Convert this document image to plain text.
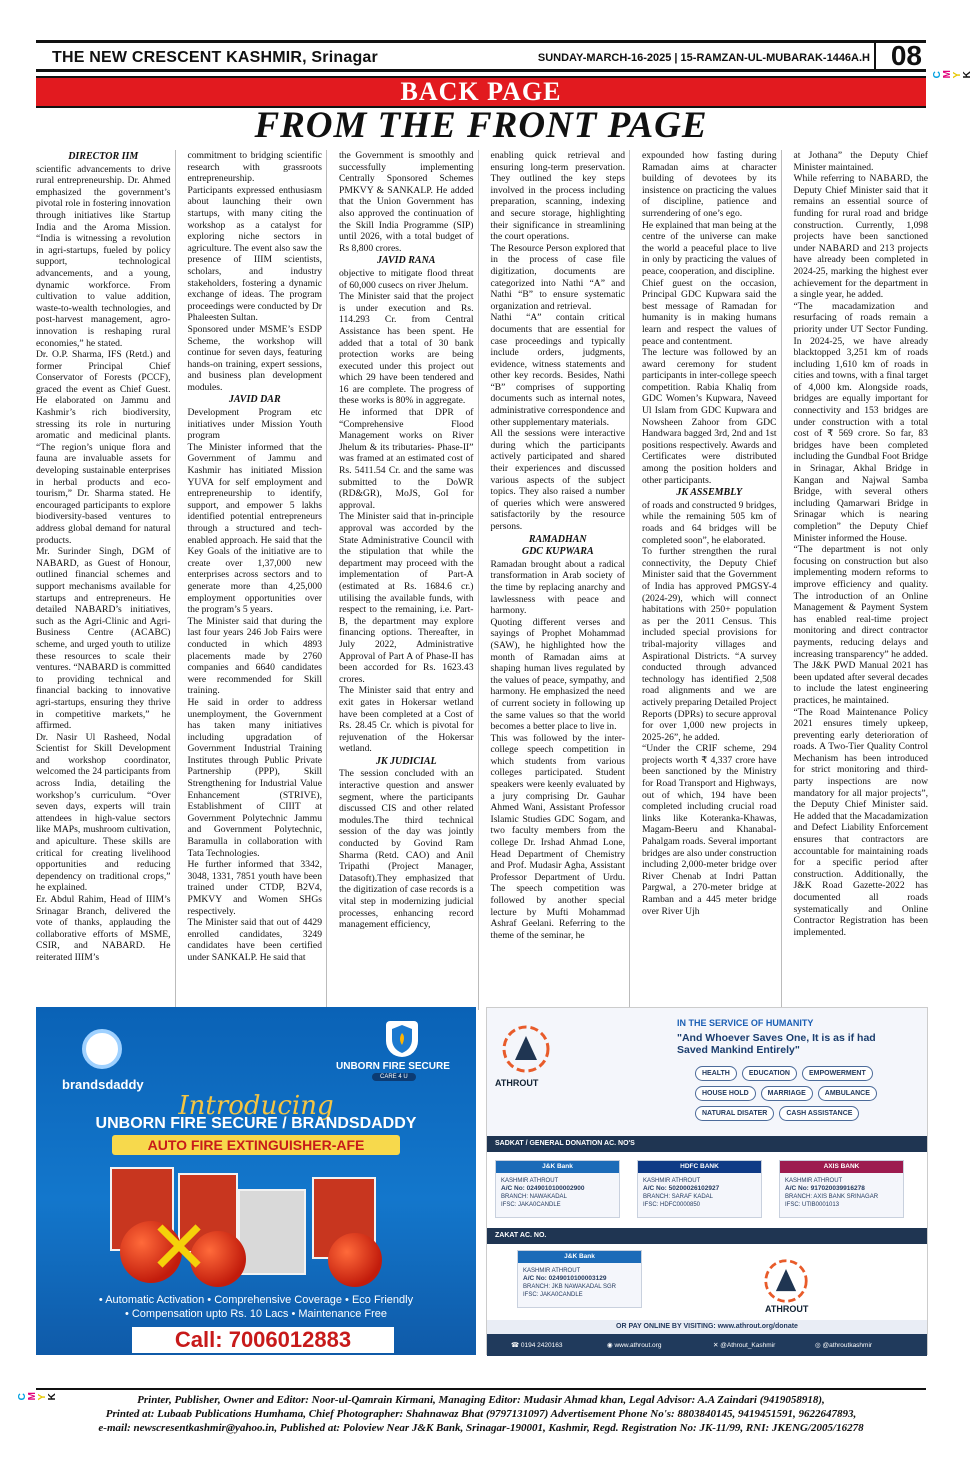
C M Y K
C M Y K
THE NEW CRESCENT KASHMIR, Srinagar	SUNDAY-MARCH-16-2025 | 15-RAMZAN-UL-MUBARAK-1446A.H 08
BACK PAGE
FROM THE FRONT PAGE
DIRECTOR IIM

scientific advancements to drive rural entrepreneurship. Dr. Ahmed emphasized the government’s pivotal role in fostering innovation through initiatives like Startup India and the Aroma Mission. “India is witnessing a revolution in agri-startups, fueled by policy support, technological advancements, and a young, dynamic workforce. From cultivation to value addition, waste-to-wealth technologies, and post-harvest management, agro-innovation is reshaping rural economies,” he stated.

Dr. O.P. Sharma, IFS (Retd.) and former Principal Chief Conservator of Forests (PCCF), graced the event as Chief Guest. He elaborated on Jammu and Kashmir’s rich biodiversity, stressing its role in nurturing aromatic and medicinal plants. “The region’s unique flora and fauna are invaluable assets for developing sustainable enterprises in herbal products and eco-tourism,” Dr. Sharma stated. He encouraged participants to explore biodiversity-based ventures to address global demand for natural products.

Mr. Surinder Singh, DGM of NABARD, as Guest of Honour, outlined financial schemes and support mechanisms available for startups and entrepreneurs. He detailed NABARD’s initiatives, such as the Agri-Clinic and Agri-Business Centre (ACABC) scheme, and urged youth to utilize these resources to scale their ventures. “NABARD is committed to providing technical and financial backing to innovative agri-startups, ensuring they thrive in competitive markets,” he affirmed.

Dr. Nasir Ul Rasheed, Nodal Scientist for Skill Development and workshop coordinator, welcomed the 24 participants from across India, detailing the workshop’s curriculum. “Over seven days, experts will train attendees in high-value sectors like MAPs, mushroom cultivation, and apiculture. These skills are critical for creating livelihood opportunities and reducing dependency on traditional crops,” he explained.

Er. Abdul Rahim, Head of IIIM’s Srinagar Branch, delivered the vote of thanks, applauding the collaborative efforts of MSME, CSIR, and NABARD. He reiterated IIIM’s

commitment to bridging scientific research with grassroots entrepreneurship.

Participants expressed enthusiasm about launching their own startups, with many citing the workshop as a catalyst for exploring niche sectors in agriculture. The event also saw the presence of IIIM scientists, scholars, and industry stakeholders, fostering a dynamic exchange of ideas. The program proceedings were conducted by Dr Phaleesten Sultan.

Sponsored under MSME’s ESDP Scheme, the workshop will continue for seven days, featuring hands-on training, expert sessions, and business plan development modules.

JAVID DAR

Development Program etc initiatives under Mission Youth program

The Minister informed that the Government of Jammu and Kashmir has initiated Mission YUVA for self employment and entrepreneurship to identify, support, and empower 5 lakhs identified potential entrepreneurs through a structured and tech- enabled approach. He said that the Key Goals of the initiative are to create over 1,37,000 new enterprises across sectors and to generate more than 4,25,000 employment opportunities over the program’s 5 years.

The Minister said that during the last four years 246 Job Fairs were conducted in which 4893 placements made by 2760 companies and 6640 candidates were recommended for Skill training.

He said in order to address unemployment, the Government has taken many initiatives including upgradation of Government Industrial Training Institutes through Public Private Partnership (PPP), Skill Strengthening for Industrial Value Enhancement (STRIVE), Establishment of CIIIT at Government Polytechnic Jammu and Government Polytechnic, Baramulla in collaboration with Tata Technologies.

He further informed that 3342, 3048, 1331, 7851 youth have been trained under CTDP, B2V4, PMKVY and Women SHGs respectively.

The Minister said that out of 4429 enrolled candidates, 3249 candidates have been certified under SANKALP. He said that

the Government is smoothly and successfully implementing Centrally Sponsored Schemes PMKVY & SANKALP. He added that the Union Government has also approved the continuation of the Skill India Programme (SIP) until 2026, with a total budget of Rs 8,800 crores.

JAVID RANA

objective to mitigate flood threat of 60,000 cusecs on river Jhelum.

The Minister said that the project is under execution and Rs. 114.293 Cr. from Central Assistance has been spent. He added that a total of 30 bank protection works are being executed under this project out which 29 have been tendered and 16 are complete. The progress of these works is 80% in aggregate.

He informed that DPR of “Comprehensive Flood Management works on River Jhelum & its tributaries- Phase-II” was framed at an estimated cost of Rs. 5411.54 Cr. and the same was submitted to the DoWR (RD&GR), MoJS, GoI for approval.

The Minister said that in-principle approval was accorded by the State Administrative Council with the stipulation that while the department may proceed with the implementation of Part-A (estimated at Rs. 1684.6 cr.) utilising the available funds, with respect to the remaining, i.e. Part-B, the department may explore financing options. Thereafter, in July 2022, Administrative Approval of Part A of Phase-II has been accorded for Rs. 1623.43 crores.

The Minister said that entry and exit gates in Hokersar wetland have been completed at a Cost of Rs. 28.45 Cr. which is pivotal for rejuvenation of the Hokersar wetland.

JK JUDICIAL

The session concluded with an interactive question and answer segment, where the participants discussed CIS and other related modules.The third technical session of the day was jointly conducted by Govind Ram Sharma (Retd. CAO) and Anil Tripathi (Project Manager, Datasoft).They emphasized that the digitization of case records is a vital step in modernizing judicial processes, enhancing record management efficiency,

enabling quick retrieval and ensuring long-term preservation. They outlined the key steps involved in the process including preparation, scanning, indexing and secure storage, highlighting their significance in streamlining the court operations.

The Resource Person explored that in the process of case file digitization, documents are categorized into Nathi “A” and Nathi “B” to ensure systematic organization and retrieval.

Nathi “A” contain critical documents that are essential for case proceedings and typically include orders, judgments, evidence, witness statements and other key records. Besides, Nathi “B” comprises of supporting documents such as internal notes, administrative correspondence and other supplementary materials.

All the sessions were interactive during which the participants actively participated and shared their experiences and discussed various aspects of the subject topics. They also raised a number of queries which were answered satisfactorily by the resource persons.

RAMADHAN
GDC KUPWARA

Ramadan brought about a radical transformation in Arab society of the time by replacing anarchy and lawlessness with peace and harmony.

Quoting different verses and sayings of Prophet Mohammad (SAW), he highlighted how the month of Ramadan aims at shaping human lives regulated by the values of peace, sympathy, and harmony. He emphasized the need of current society in following up the same values so that the world becomes a better place to live in.

This was followed by the inter-college speech competition in which students from various colleges participated. Student speakers were keenly evaluated by a jury comprising Dr. Gauhar Ahmed Wani, Assistant Professor Islamic Studies GDC Sogam, and two faculty members from the college Dr. Irshad Ahmad Lone, Head Department of Chemistry and Prof. Mudasir Agha, Assistant Professor Department of Urdu. The speech competition was followed by another special lecture by Mufti Mohammad Ashraf Geelani. Referring to the theme of the seminar, he

expounded how fasting during Ramadan aims at character building of devotees by its insistence on practicing the values of discipline, patience and surrendering of one’s ego.

He explained that man being at the centre of the universe can make the world a peaceful place to live in only by practicing the values of peace, cooperation, and discipline.

Chief guest on the occasion, Principal GDC Kupwara said the best message of Ramadan for humanity is in making humans learn and respect the values of peace and contentment.

The lecture was followed by an award ceremony for student participants in inter-college speech competition. Rabia Khaliq from GDC Women’s Kupwara, Naveed Ul Islam from GDC Kupwara and Nowsheen Zahoor from GDC Handwara bagged 3rd, 2nd and 1st positions respectively. Awards and Certificates were distributed among the position holders and other participants.

JK ASSEMBLY

of roads and constructed 9 bridges, while the remaining 505 km of roads and 64 bridges will be completed soon”, he elaborated.

To further strengthen the rural connectivity, the Deputy Chief Minister said that the Government of India has approved PMGSY-4 (2024-29), which will connect habitations with 250+ population as per the 2011 Census. This included special provisions for tribal-majority villages and Aspirational Districts. “A survey conducted through advanced technology has identified 2,508 road alignments and we are actively preparing Detailed Project Reports (DPRs) to secure approval for over 1,000 new projects in 2025-26”, he added.

“Under the CRIF scheme, 294 projects worth ₹ 4,337 crore have been sanctioned by the Ministry for Road Transport and Highways, out of which, 194 have been completed including crucial road links like Koteranka-Khawas, Magam-Beeru and Khanabal-Pahalgam roads. Several important bridges are also under construction including 2,000-meter bridge over River Chenab at Indri Pattan Pargwal, a 270-meter bridge at Ramban and a 445 meter bridge over River Ujh

at Jothana” the Deputy Chief Minister maintained.

While referring to NABARD, the Deputy Chief Minister said that it remains an essential source of funding for rural road and bridge construction. Currently, 1,098 projects have been sanctioned under NABARD and 213 projects have already been completed in 2024-25, marking the highest ever achievement for the department in a single year, he added.

“The macadamization and resurfacing of roads remain a priority under UT Sector Funding. In 2024-25, we have already blacktopped 3,251 km of roads including 1,610 km of roads in cities and towns, with a final target of 4,000 km. Alongside roads, bridges are equally important for connectivity and 153 bridges are under construction with a total cost of ₹ 569 crore. So far, 83 bridges have been completed including the Gundbal Foot Bridge in Srinagar, Akhal Bridge in Kangan and Najwal Samba Bridge, with several others including Qamarwari Bridge in Srinagar which is nearing completion” the Deputy Chief Minister informed the House.

“The department is not only focusing on construction but also implementing modern reforms to improve efficiency and quality. The introduction of an Online Management & Payment System has enabled real-time project monitoring and direct contractor payments, reducing delays and increasing transparency” he added. The J&K PWD Manual 2021 has been updated after several decades to include the latest engineering practices, he maintained.

“The Road Maintenance Policy 2021 ensures timely upkeep, preventing early deterioration of roads. A Two-Tier Quality Control Mechanism has been introduced for strict monitoring and third-party inspections are now mandatory for all major projects”, the Deputy Chief Minister said. He added that the Macadamization and Defect Liability Enforcement ensures that contractors are accountable for maintaining roads for a specific period after construction. Additionally, the J&K Road Gazette-2022 has documented all roads systematically and Online Contractor Registration has been implemented.

brandsdaddy
UNBORN FIRE SECURE
CARE 4 U
Introducing
UNBORN FIRE SECURE / BRANDSDADDY
AUTO FIRE EXTINGUISHER-AFE
✕
• Automatic Activation • Comprehensive Coverage • Eco Friendly
• Compensation upto Rs. 10 Lacs • Maintenance Free
Call: 7006012883
ATHROUT
IN THE SERVICE OF HUMANITY
"And Whoever Saves One, It is as if had Saved Mankind Entirely"
HEALTH	EDUCATION	EMPOWERMENT
HOUSE HOLD	MARRIAGE	AMBULANCE
NATURAL DISATER	CASH ASSISTANCE
SADKAT / GENERAL DONATION AC. NO'S
J&K Bank
KASHMIR ATHROUT
A/C No: 0249010100002900
BRANCH: NAWAKADAL
IFSC: JAKA0CANDLE
HDFC BANK
KASHMIR ATHROUT
A/C No: 50200026102927
BRANCH: SARAF KADAL
IFSC: HDFC0000850
AXIS BANK
KASHMIR ATHROUT
A/C No: 917020039916278
BRANCH: AXIS BANK SRINAGAR
IFSC: UTIB0001013
ZAKAT AC. NO.
J&K Bank
KASHMIR ATHROUT
A/C No: 0249010100003129
BRANCH: JKB NAWAKADAL SGR
IFSC: JAKA0CANDLE
ATHROUT
OR PAY ONLINE BY VISITING: www.athrout.org/donate
☎ 0194 2420163	◉ www.athrout.org	✕ @Athrout_Kashmir	◎ @athroutkashmir
Printer, Publisher, Owner and Editor: Noor-ul-Qamrain Kirmani, Managing Editor: Mudasir Ahmad khan, Legal Advisor: A.A Zaindari (9419058918),
Printed at: Lubaab Publications Humhama, Chief Photographer: Shahnawaz Bhat (9797131097) Advertisement Phone No's: 8803840145, 9419451591, 9622647893,
e-mail: newscresentkashmir@yahoo.in, Published at: Poloview Near J&K Bank, Srinagar-190001, Kashmir, Regd. Registration No: JK-11/99, RNI: JKENG/2005/16278
